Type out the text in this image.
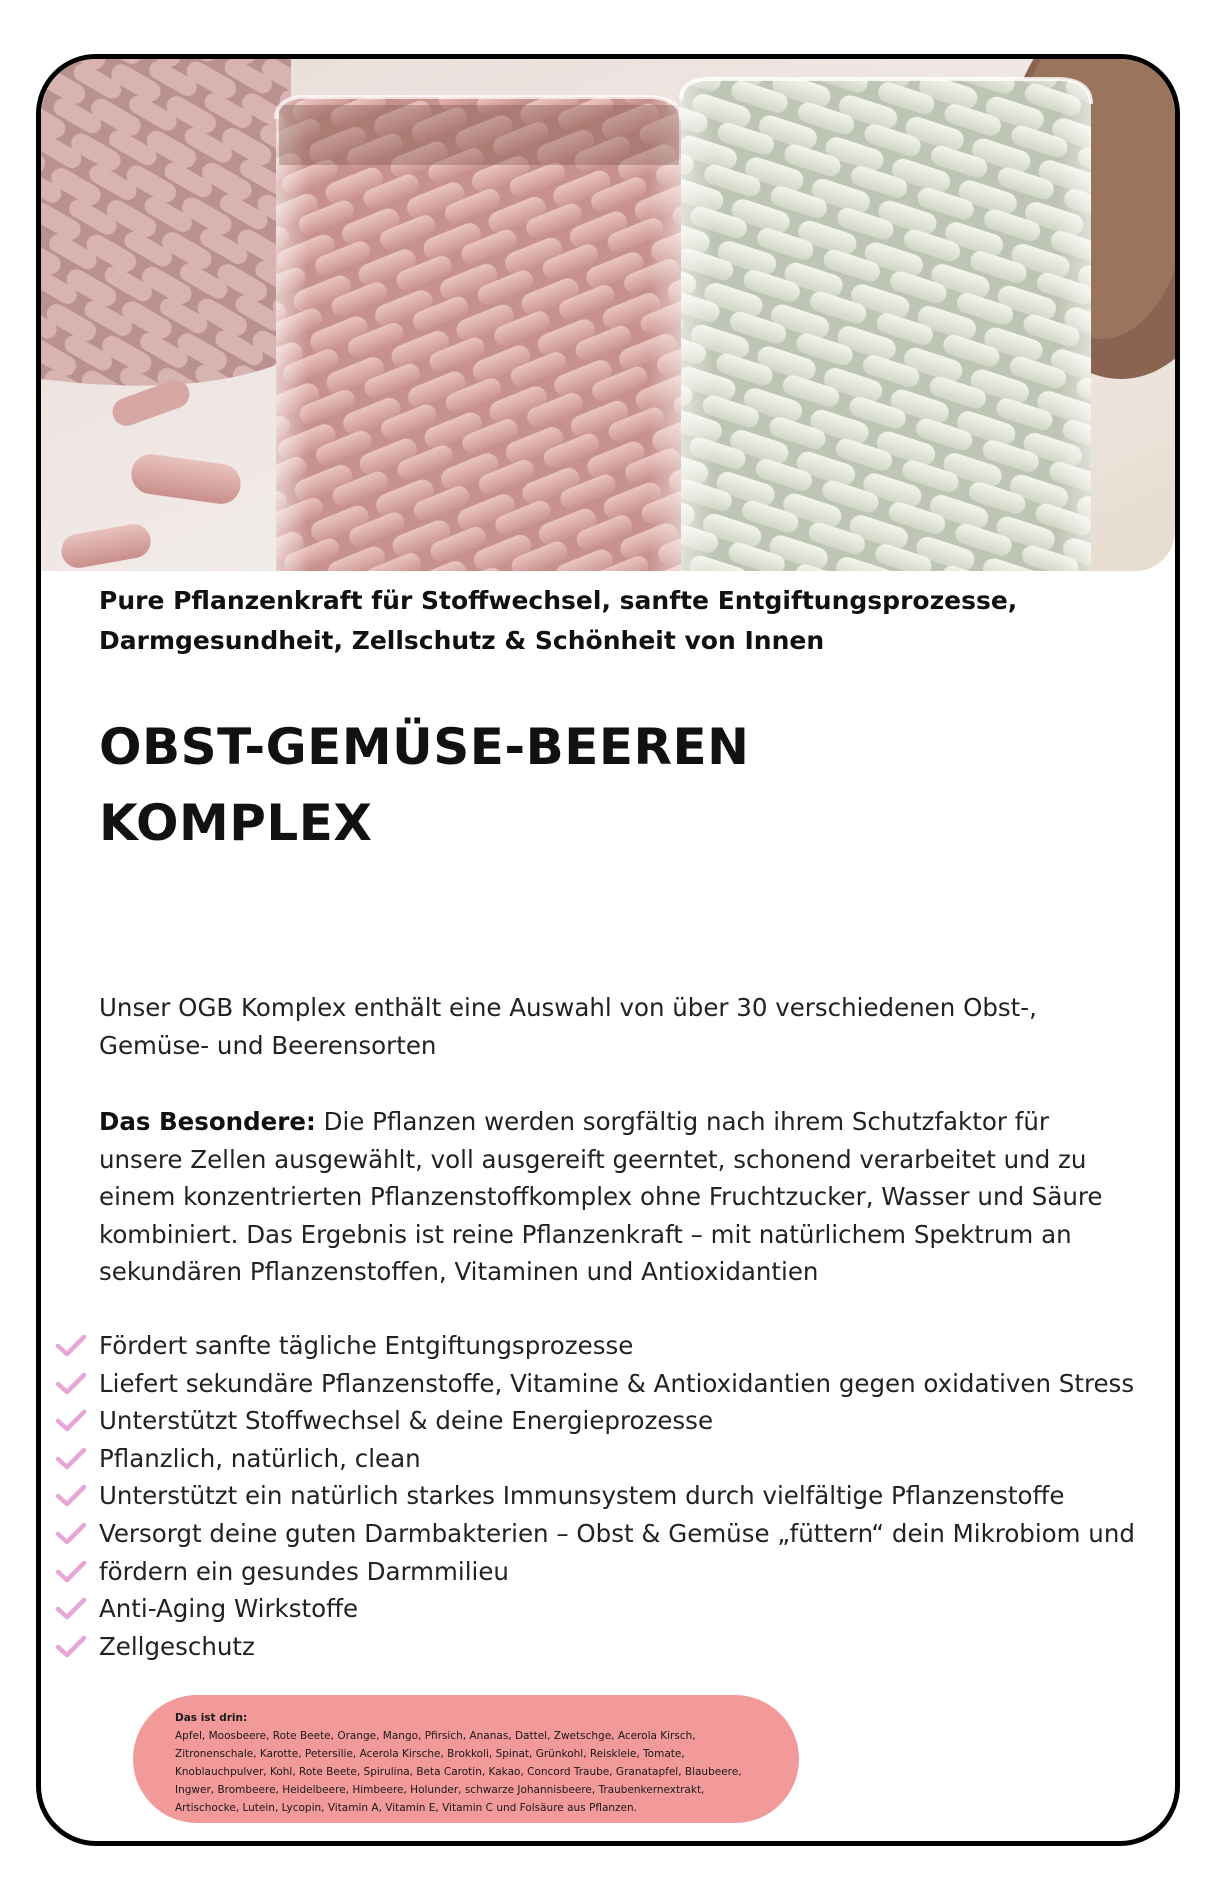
Pure Pflanzenkraft für Stoffwechsel, sanfte Entgiftungsprozesse, Darmgesundheit, Zellschutz & Schönheit von Innen
OBST-GEMÜSE-BEEREN
KOMPLEX

Unser OGB Komplex enthält eine Auswahl von über 30 verschiedenen Obst-, Gemüse- und Beerensorten

Das Besondere: Die Pflanzen werden sorgfältig nach ihrem Schutzfaktor für unsere Zellen ausgewählt, voll ausgereift geerntet, schonend verarbeitet und zu einem konzentrierten Pflanzenstoffkomplex ohne Fruchtzucker, Wasser und Säure kombiniert. Das Ergebnis ist reine Pflanzenkraft – mit natürlichem Spektrum an sekundären Pflanzenstoffen, Vitaminen und Antioxidantien

Fördert sanfte tägliche Entgiftungsprozesse
Liefert sekundäre Pflanzenstoffe, Vitamine & Antioxidantien gegen oxidativen Stress
Unterstützt Stoffwechsel & deine Energieprozesse
Pflanzlich, natürlich, clean
Unterstützt ein natürlich starkes Immunsystem durch vielfältige Pflanzenstoffe
Versorgt deine guten Darmbakterien – Obst & Gemüse „füttern“ dein Mikrobiom und
fördern ein gesundes Darmmilieu
Anti-Aging Wirkstoffe
Zellgeschutz
Das ist drin:
Apfel, Moosbeere, Rote Beete, Orange, Mango, Pfirsich, Ananas, Dattel, Zwetschge, Acerola Kirsch,
Zitronenschale, Karotte, Petersilie, Acerola Kirsche, Brokkoli, Spinat, Grünkohl, Reiskleie, Tomate,
Knoblauchpulver, Kohl, Rote Beete, Spirulina, Beta Carotin, Kakao, Concord Traube, Granatapfel, Blaubeere,
Ingwer, Brombeere, Heidelbeere, Himbeere, Holunder, schwarze Johannisbeere, Traubenkernextrakt,
Artischocke, Lutein, Lycopin, Vitamin A, Vitamin E, Vitamin C und Folsäure aus Pflanzen.
